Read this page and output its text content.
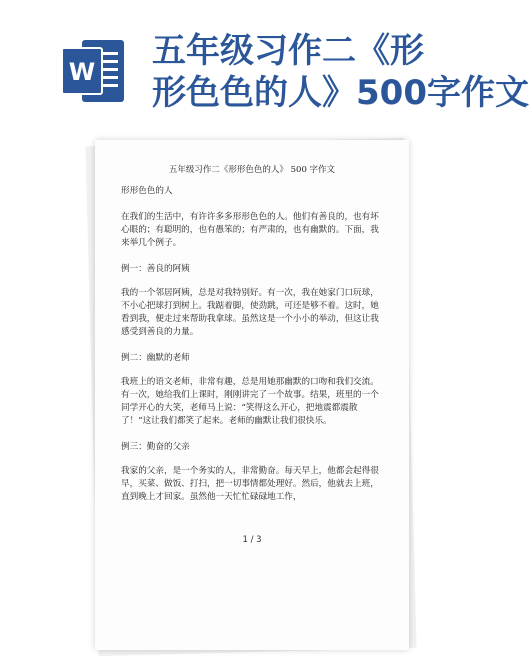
W
五年级习作二《形
形色色的人》500字作文
五年级习作二《形形色色的人》 500 字作文

形形色色的人

在我们的生活中，有许许多多形形色色的人。他们有善良的，也有坏心眼的；有聪明的，也有愚笨的；有严肃的，也有幽默的。下面，我来举几个例子。

例一：善良的阿姨

我的一个邻居阿姨，总是对我特别好。有一次，我在她家门口玩球，不小心把球打到树上。我踮着脚，使劲跳，可还是够不着。这时，她看到我，便走过来帮助我拿球。虽然这是一个小小的举动，但这让我感受到善良的力量。

例二：幽默的老师

我班上的语文老师，非常有趣，总是用她那幽默的口吻和我们交流。有一次，她给我们上课时，刚刚讲完了一个故事。结果，班里的一个同学开心的大笑，老师马上说：“笑得这么开心，把地震都震散了！”这让我们都笑了起来。老师的幽默让我们很快乐。

例三：勤奋的父亲

我家的父亲，是一个务实的人，非常勤奋。每天早上，他都会起得很早，买菜、做饭、打扫，把一切事情都处理好。然后，他就去上班，直到晚上才回家。虽然他一天忙忙碌碌地工作，

1 / 3
